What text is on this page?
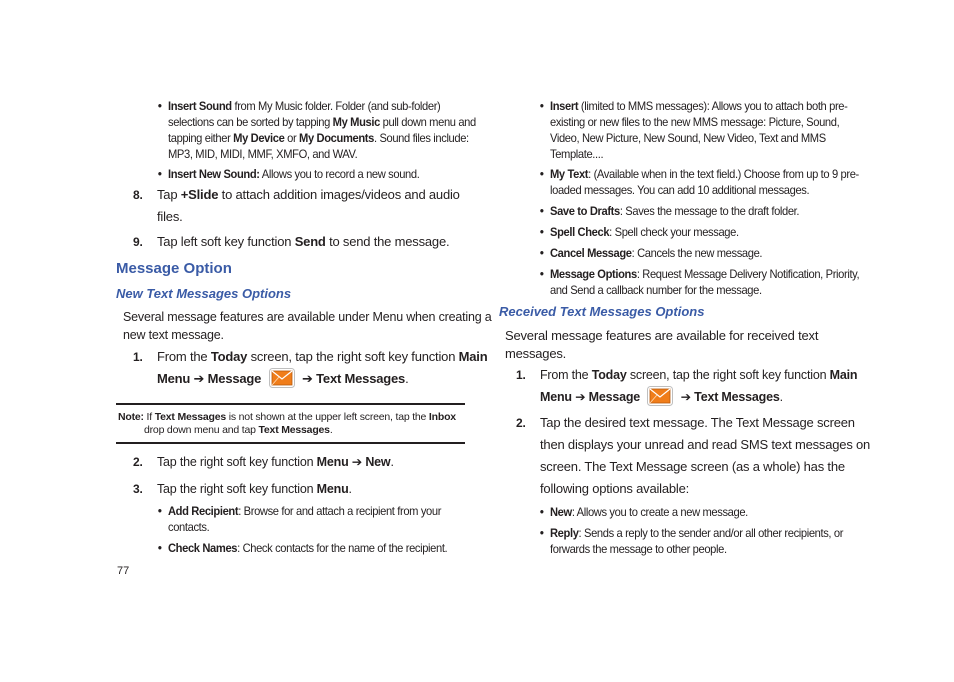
• Insert Sound from My Music folder. Folder (and sub-folder)
selections can be sorted by tapping My Music pull down menu and
tapping either My Device or My Documents. Sound files include:
MP3, MID, MIDI, MMF, XMFO, and WAV.
• Insert New Sound: Allows you to record a new sound.
8. Tap +Slide to attach addition images/videos and audio
files.
9. Tap left soft key function Send to send the message.
Message Option
New Text Messages Options
Several message features are available under Menu when creating a
new text message.
1. From the Today screen, tap the right soft key function Main
Menu ➔ Message	➔ Text Messages.
Note: If Text Messages is not shown at the upper left screen, tap the Inbox
drop down menu and tap Text Messages.
2. Tap the right soft key function Menu ➔ New.
3. Tap the right soft key function Menu.
• Add Recipient: Browse for and attach a recipient from your
contacts.
• Check Names: Check contacts for the name of the recipient.
77
• Insert (limited to MMS messages): Allows you to attach both pre-
existing or new files to the new MMS message: Picture, Sound,
Video, New Picture, New Sound, New Video, Text and MMS
Template....
• My Text: (Available when in the text field.) Choose from up to 9 pre-
loaded messages. You can add 10 additional messages.
• Save to Drafts: Saves the message to the draft folder.
• Spell Check: Spell check your message.
• Cancel Message: Cancels the new message.
• Message Options: Request Message Delivery Notification, Priority,
and Send a callback number for the message.
Received Text Messages Options
Several message features are available for received text
messages.
1. From the Today screen, tap the right soft key function Main
Menu ➔ Message	➔ Text Messages.
2. Tap the desired text message. The Text Message screen
then displays your unread and read SMS text messages on
screen. The Text Message screen (as a whole) has the
following options available:
• New: Allows you to create a new message.
• Reply: Sends a reply to the sender and/or all other recipients, or
forwards the message to other people.
